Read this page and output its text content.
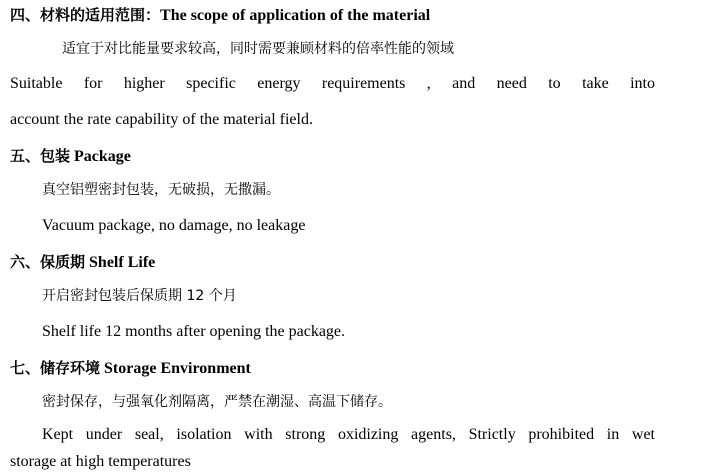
四、材料的适用范围：The scope of application of the material
适宜于对比能量要求较高，同时需要兼顾材料的倍率性能的领域
Suitable for higher specific energy requirements , and need to take into
account the rate capability of the material field.
五、包装 Package
真空铝塑密封包装，无破损，无撒漏。
Vacuum package, no damage, no leakage
六、保质期 Shelf Life
开启密封包装后保质期 12 个月
Shelf life 12 months after opening the package.
七、储存环境 Storage Environment
密封保存，与强氧化剂隔离，严禁在潮湿、高温下储存。
Kept under seal, isolation with strong oxidizing agents, Strictly prohibited in wet
storage at high temperatures
